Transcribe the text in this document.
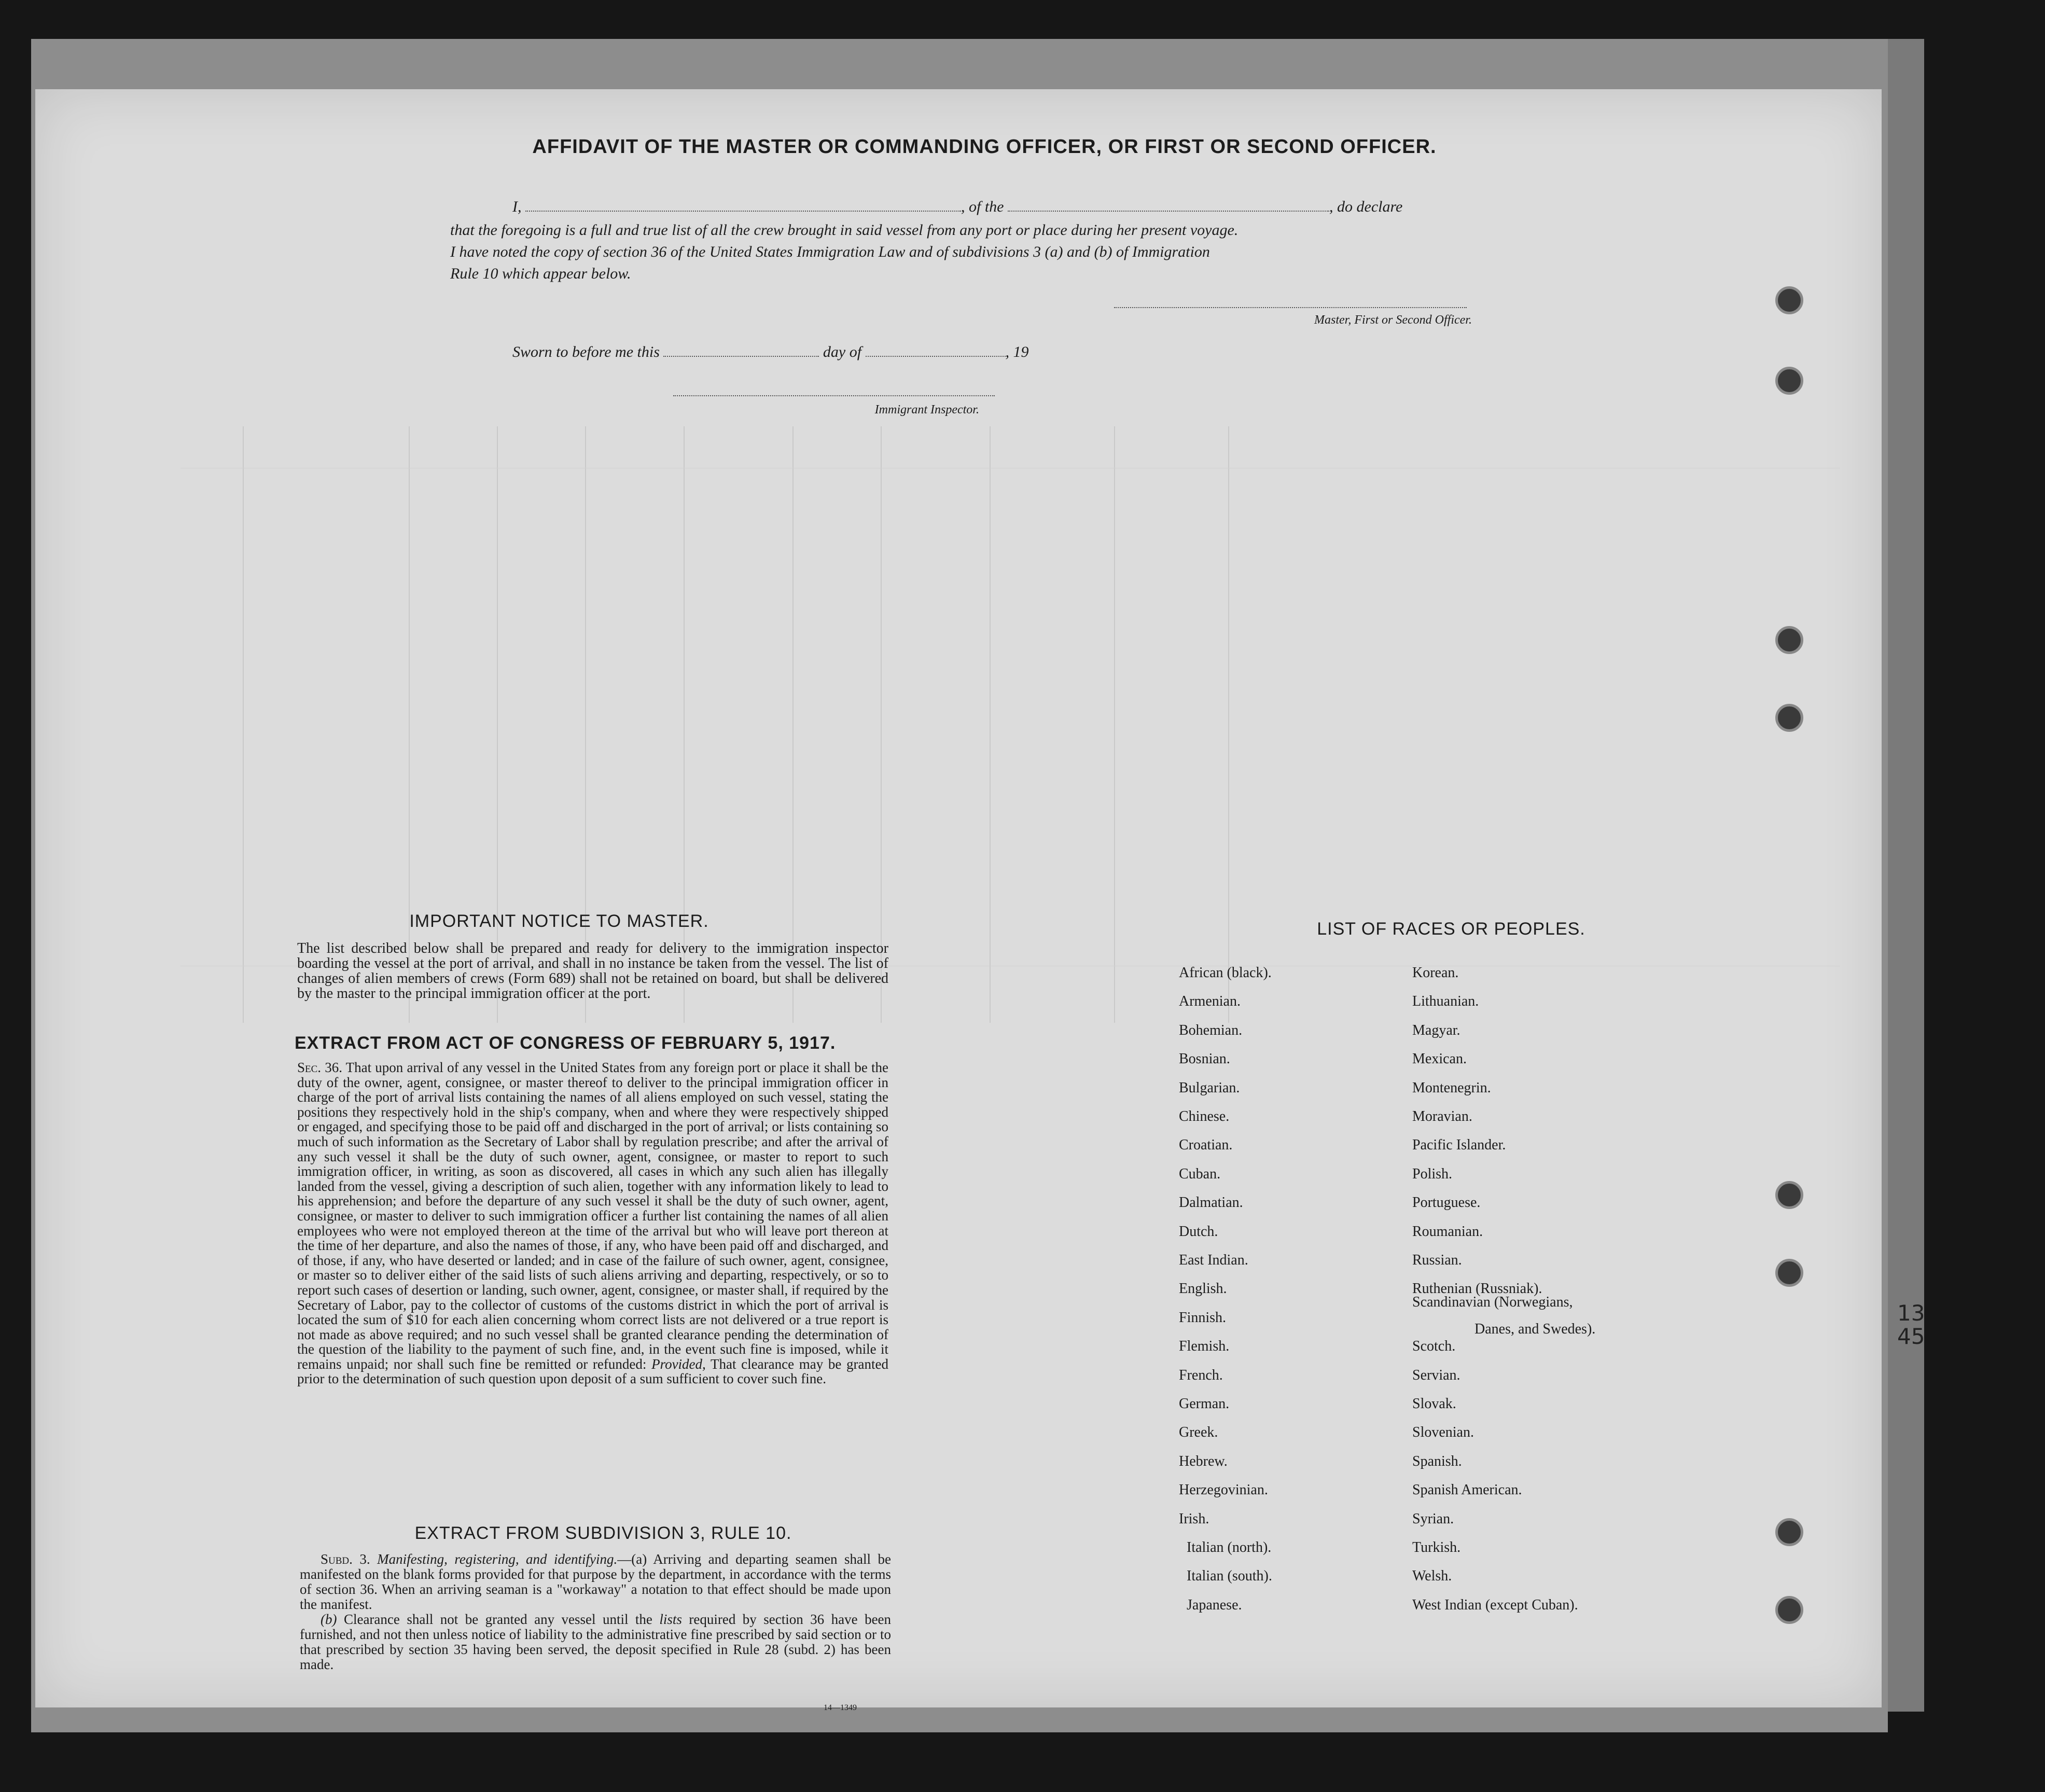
AFFIDAVIT OF THE MASTER OR COMMANDING OFFICER, OR FIRST OR SECOND OFFICER.
I,	, of the	, do declare
that the foregoing is a full and true list of all the crew brought in said vessel from any port or place during her present voyage.
I have noted the copy of section 36 of the United States Immigration Law and of subdivisions 3 (a) and (b) of Immigration
Rule 10 which appear below.
Master, First or Second Officer.
Sworn to before me this	day of	, 19
Immigrant Inspector.
IMPORTANT NOTICE TO MASTER.
The list described below shall be prepared and ready for delivery to the immigration inspector boarding the vessel at the port of arrival, and shall in no instance be taken from the vessel. The list of changes of alien members of crews (Form 689) shall not be retained on board, but shall be delivered by the master to the principal immigration officer at the port.
EXTRACT FROM ACT OF CONGRESS OF FEBRUARY 5, 1917.
Sec. 36. That upon arrival of any vessel in the United States from any foreign port or place it shall be the duty of the owner, agent, consignee, or master thereof to deliver to the principal immigration officer in charge of the port of arrival lists containing the names of all aliens employed on such vessel, stating the positions they respectively hold in the ship's company, when and where they were respectively shipped or engaged, and specifying those to be paid off and discharged in the port of arrival; or lists containing so much of such information as the Secretary of Labor shall by regulation prescribe; and after the arrival of any such vessel it shall be the duty of such owner, agent, consignee, or master to report to such immigration officer, in writing, as soon as discovered, all cases in which any such alien has illegally landed from the vessel, giving a description of such alien, together with any information likely to lead to his apprehension; and before the departure of any such vessel it shall be the duty of such owner, agent, consignee, or master to deliver to such immigration officer a further list containing the names of all alien employees who were not employed thereon at the time of the arrival but who will leave port thereon at the time of her departure, and also the names of those, if any, who have been paid off and discharged, and of those, if any, who have deserted or landed; and in case of the failure of such owner, agent, consignee, or master so to deliver either of the said lists of such aliens arriving and departing, respectively, or so to report such cases of desertion or landing, such owner, agent, consignee, or master shall, if required by the Secretary of Labor, pay to the collector of customs of the customs district in which the port of arrival is located the sum of $10 for each alien concerning whom correct lists are not delivered or a true report is not made as above required; and no such vessel shall be granted clearance pending the determination of the question of the liability to the payment of such fine, and, in the event such fine is imposed, while it remains unpaid; nor shall such fine be remitted or refunded: Provided, That clearance may be granted prior to the determination of such question upon deposit of a sum sufficient to cover such fine.
EXTRACT FROM SUBDIVISION 3, RULE 10.

Subd. 3. Manifesting, registering, and identifying.—(a) Arriving and departing seamen shall be manifested on the blank forms provided for that purpose by the department, in accordance with the terms of section 36. When an arriving seaman is a "workaway" a notation to that effect should be made upon the manifest.

(b) Clearance shall not be granted any vessel until the lists required by section 36 have been furnished, and not then unless notice of liability to the administrative fine prescribed by said section or to that prescribed by section 35 having been served, the deposit specified in Rule 28 (subd. 2) has been made.

14—1349
LIST OF RACES OR PEOPLES.
African (black).
Armenian.
Bohemian.
Bosnian.
Bulgarian.
Chinese.
Croatian.
Cuban.
Dalmatian.
Dutch.
East Indian.
English.
Finnish.
Flemish.
French.
German.
Greek.
Hebrew.
Herzegovinian.
Irish.
Italian (north).
Italian (south).
Japanese.
Korean.
Lithuanian.
Magyar.
Mexican.
Montenegrin.
Moravian.
Pacific Islander.
Polish.
Portuguese.
Roumanian.
Russian.
Ruthenian (Russniak).
Scandinavian (Norwegians,
Scotch.
Servian.
Slovak.
Slovenian.
Spanish.
Spanish American.
Syrian.
Turkish.
Welsh.
West Indian (except Cuban).
Danes, and Swedes).
13
45
